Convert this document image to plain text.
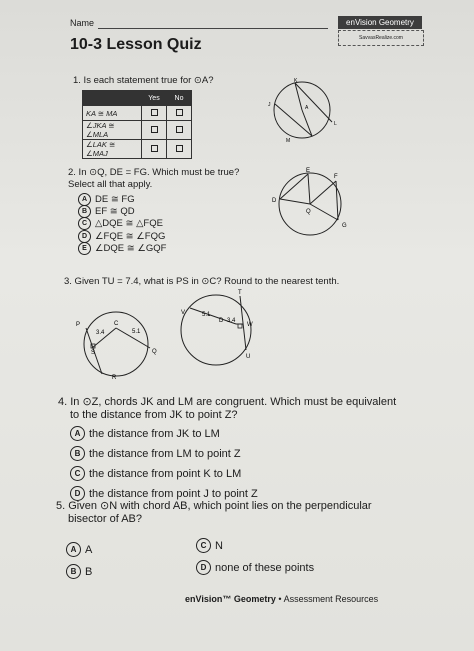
Name	enVision Geometry
SavvasRealize.com
10-3 Lesson Quiz
1. Is each statement true for ⊙A?
	Yes	No
KA ≅ MA		
∠JKA ≅ ∠MLA		
∠LAK ≅ ∠MAJ		
K
J	A
L
M
2. In ⊙Q, DE = FG. Which must be true?
Select all that apply.
A DE ≅ FG
B EF ≅ QD
C △DQE ≅ △FQE
D ∠FQE ≅ ∠FQG
E ∠DQE ≅ ∠GQF
E
F
D
Q
G
3. Given TU = 7.4, what is PS in ⊙C? Round to the nearest tenth.
P	C
3.4	5.1
S	Q
R
T
V	5.1
D 3.4
W
U
4. In ⊙Z, chords JK and LM are congruent. Which must be equivalent
to the distance from JK to point Z?
A the distance from JK to LM
B the distance from LM to point Z
C the distance from point K to LM
D the distance from point J to point Z
5. Given ⊙N with chord AB, which point lies on the perpendicular
bisector of AB?
A A	C N
B B	D none of these points
enVision™ Geometry • Assessment Resources
